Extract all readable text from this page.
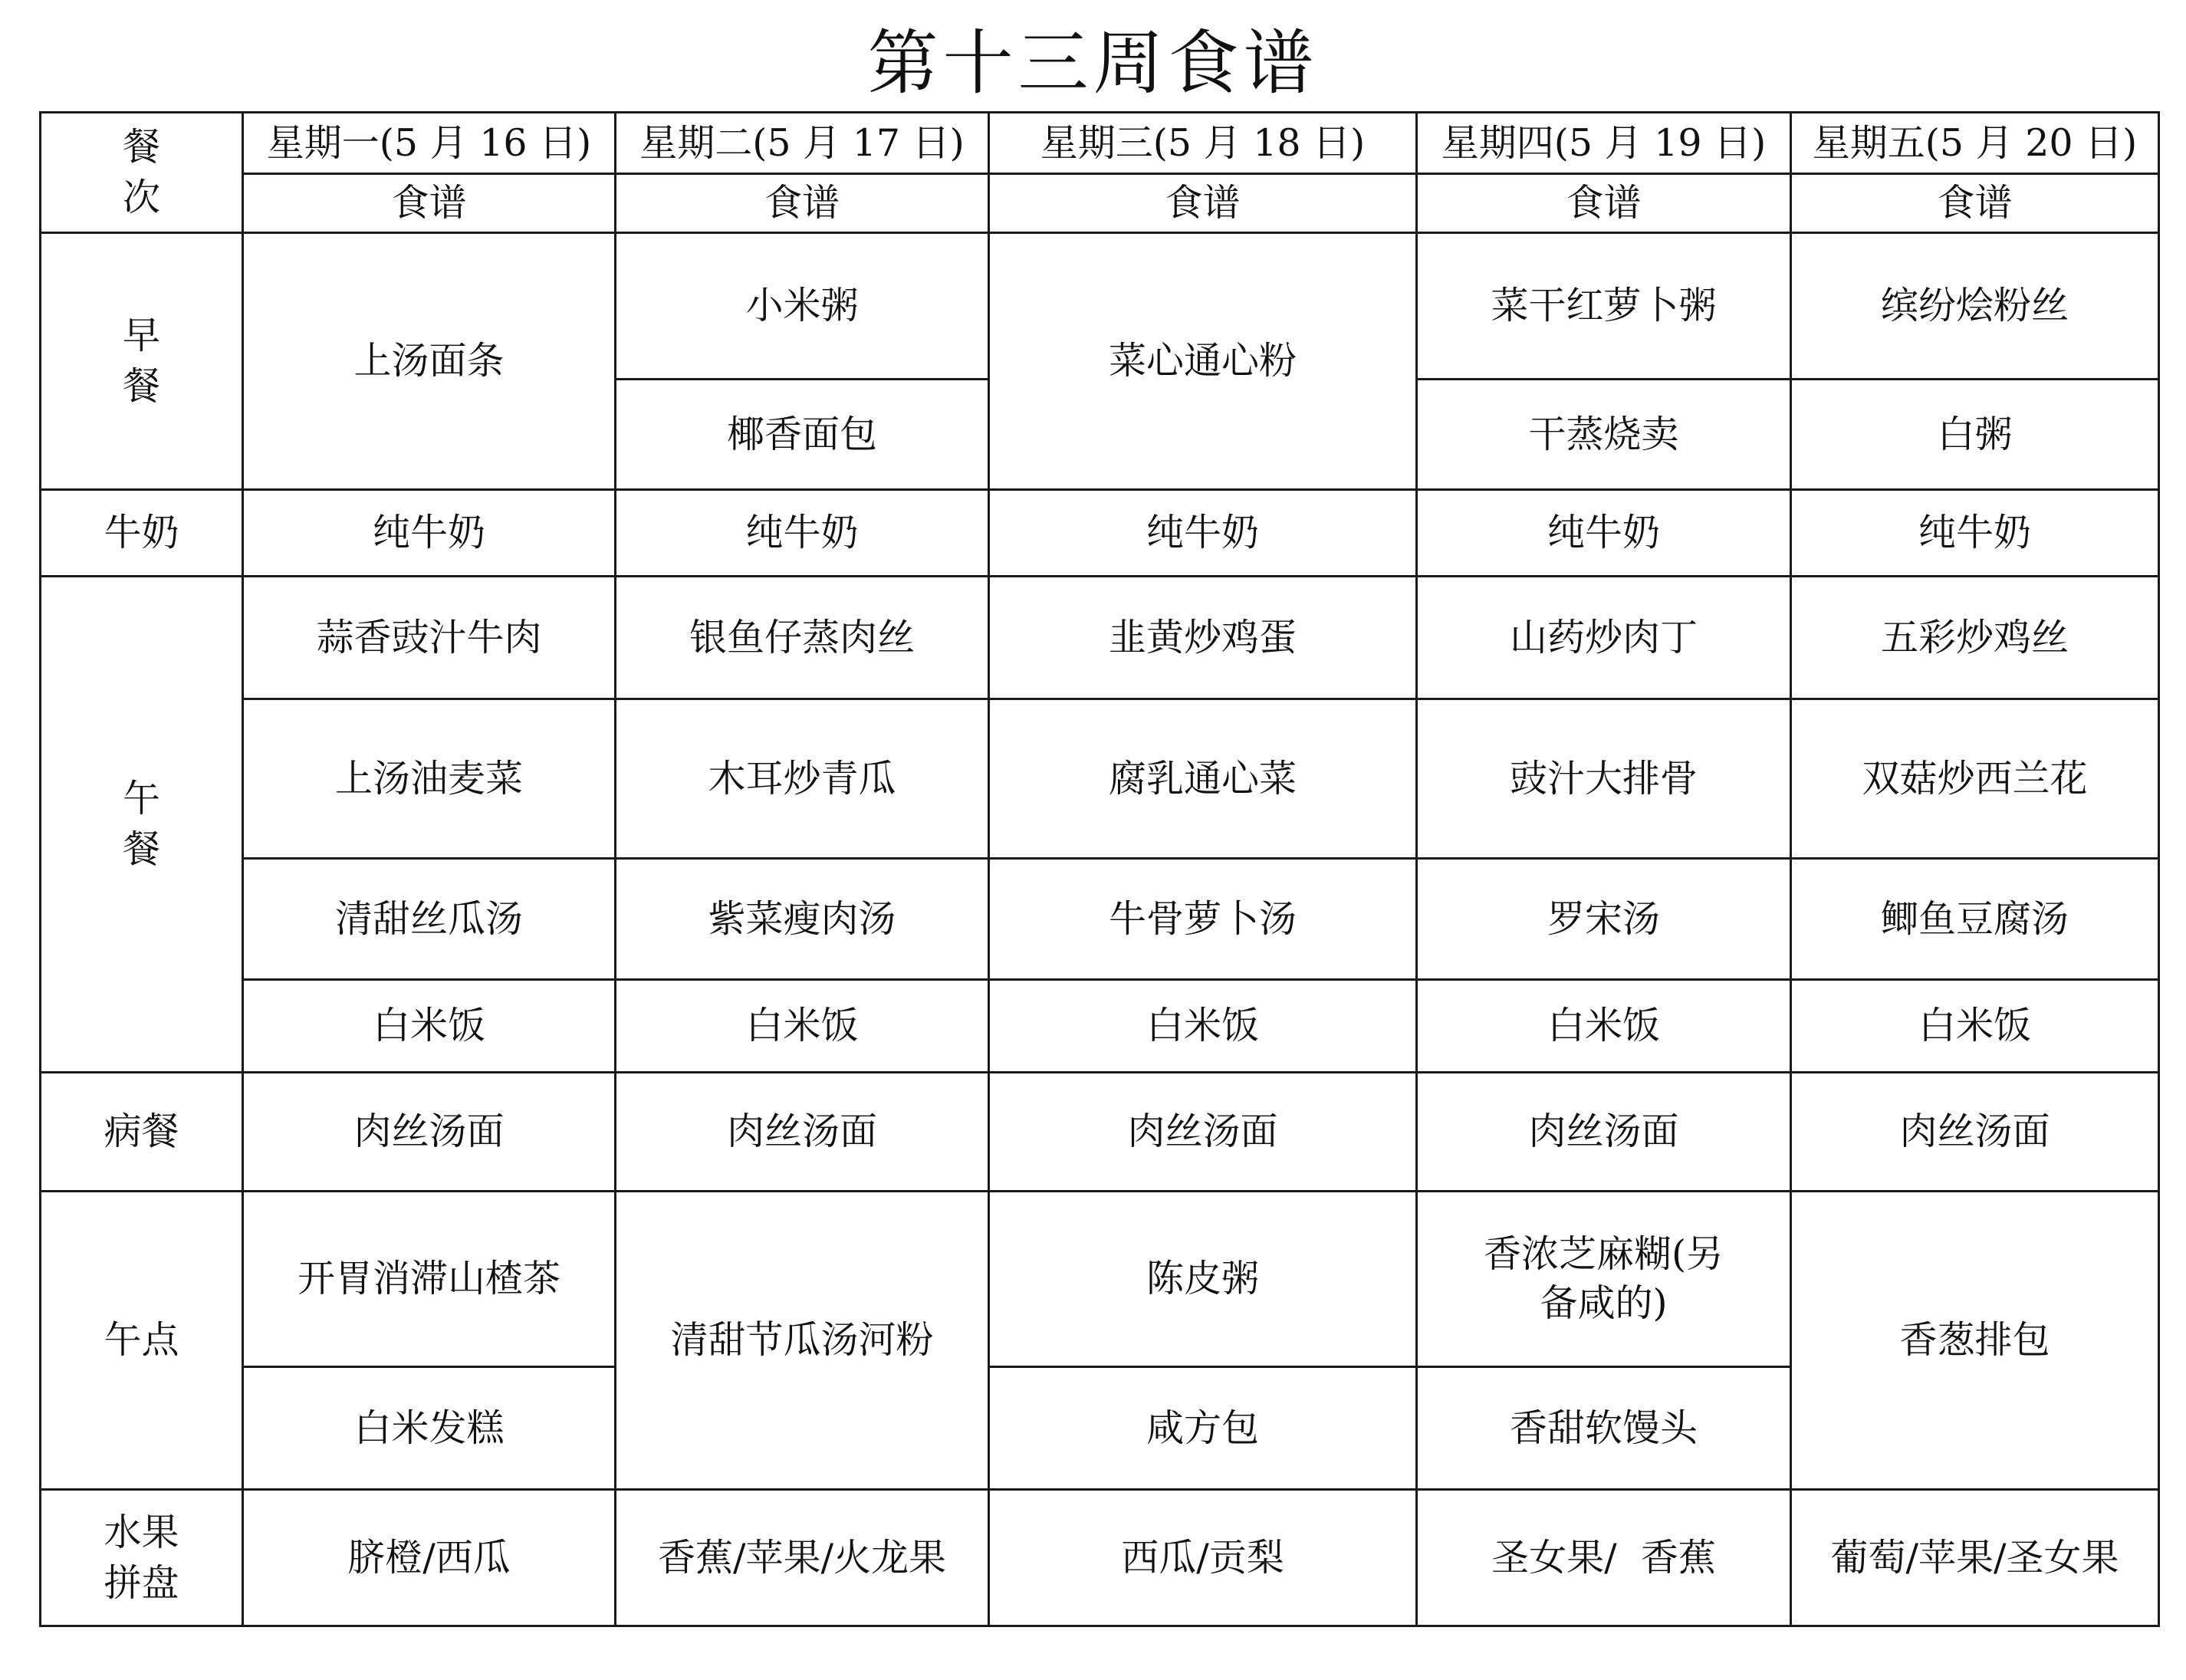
第十三周食谱
餐次	星期一(5 月 16 日)	星期二(5 月 17 日)	星期三(5 月 18 日)	星期四(5 月 19 日)	星期五(5 月 20 日)
	食谱	食谱	食谱	食谱	食谱
早餐	上汤面条	小米粥	菜心通心粉	菜干红萝卜粥	缤纷烩粉丝
		椰香面包		干蒸烧卖	白粥
牛奶	纯牛奶	纯牛奶	纯牛奶	纯牛奶	纯牛奶
午餐	蒜香豉汁牛肉	银鱼仔蒸肉丝	韭黄炒鸡蛋	山药炒肉丁	五彩炒鸡丝
	上汤油麦菜	木耳炒青瓜	腐乳通心菜	豉汁大排骨	双菇炒西兰花
	清甜丝瓜汤	紫菜瘦肉汤	牛骨萝卜汤	罗宋汤	鲫鱼豆腐汤
	白米饭	白米饭	白米饭	白米饭	白米饭
病餐	肉丝汤面	肉丝汤面	肉丝汤面	肉丝汤面	肉丝汤面
午点	开胃消滞山楂茶	清甜节瓜汤河粉	陈皮粥	香浓芝麻糊(另备咸的)	香葱排包
	白米发糕		咸方包	香甜软馒头	
水果拼盘	脐橙/西瓜	香蕉/苹果/火龙果	西瓜/贡梨	圣女果/  香蕉	葡萄/苹果/圣女果
